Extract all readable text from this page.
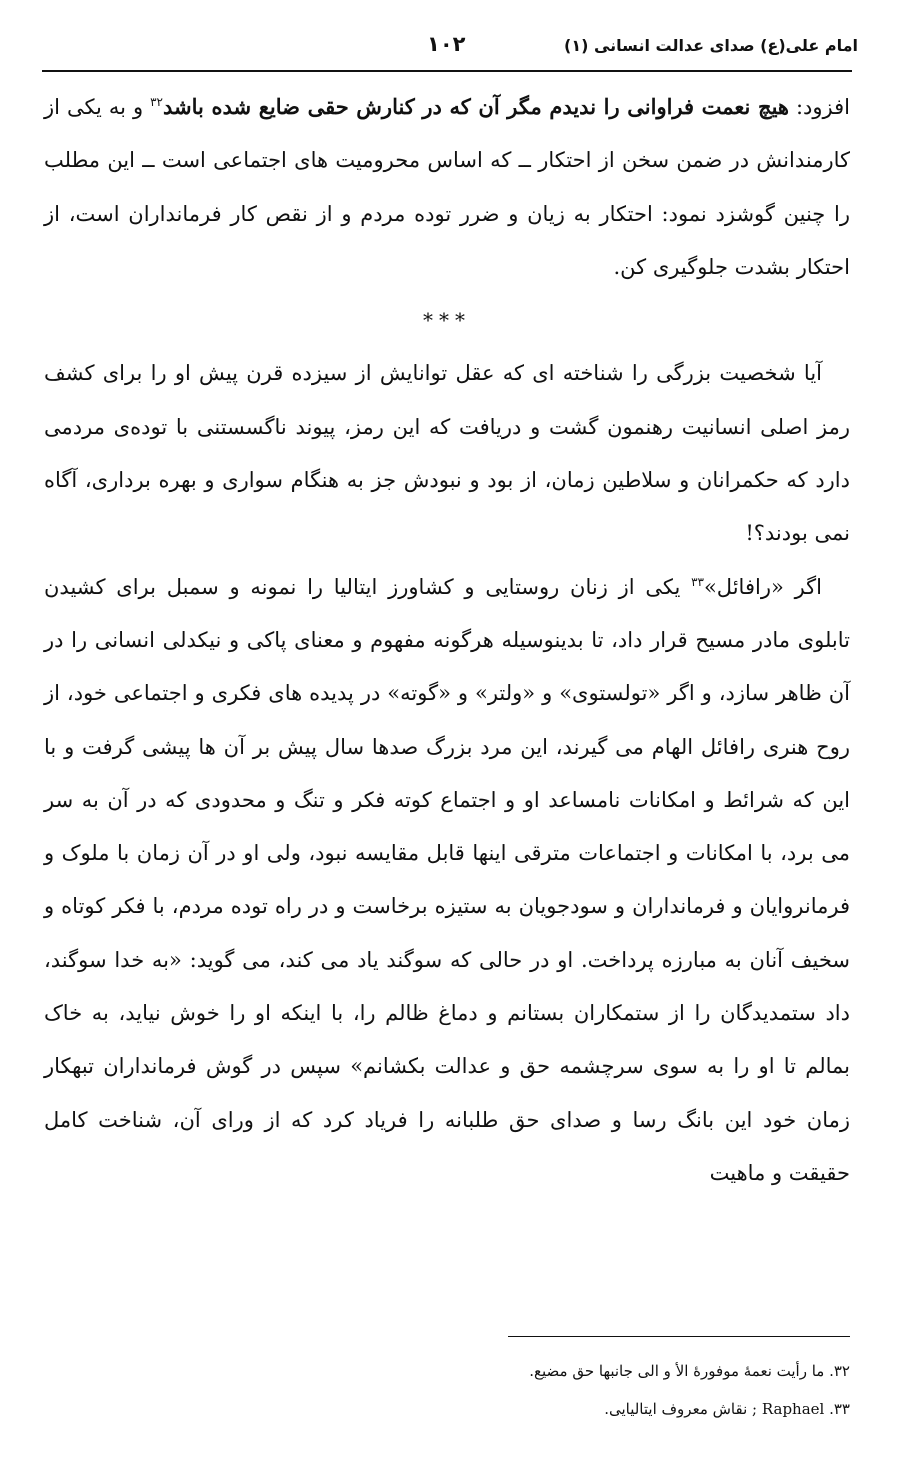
امام علی(ع) صدای عدالت انسانی (۱)
۱۰۲

افزود: هیچ نعمت فراوانی را ندیدم مگر آن که در کنارش حقی ضایع شده باشد$^{۳۲}$ و به یکی از کارمندانش در ضمن سخن از احتکار ــ که اساس محرومیت های اجتماعی است ــ این مطلب را چنین گوشزد نمود: احتکار به زیان و ضرر توده مردم و از نقص کار فرمانداران است، از احتکار بشدت جلوگیری کن.

***

آیا شخصیت بزرگی را شناخته ای که عقل توانایش از سیزده قرن پیش او را برای کشف رمز اصلی انسانیت رهنمون گشت و دریافت که این رمز، پیوند ناگسستنی با توده‌ی مردمی دارد که حکمرانان و سلاطین زمان، از بود و نبودش جز به هنگام سواری و بهره برداری، آگاه نمی بودند؟!

اگر «رافائل»$^{۳۳}$ یکی از زنان روستایی و کشاورز ایتالیا را نمونه و سمبل برای کشیدن تابلوی مادر مسیح قرار داد، تا بدینوسیله هرگونه مفهوم و معنای پاکی و نیکدلی انسانی را در آن ظاهر سازد، و اگر «تولستوی» و «ولتر» و «گوته» در پدیده های فکری و اجتماعی خود، از روح هنری رافائل الهام می گیرند، این مرد بزرگ صدها سال پیش بر آن ها پیشی گرفت و با این که شرائط و امکانات نامساعد او و اجتماع کوته فکر و تنگ و محدودی که در آن به سر می برد، با امکانات و اجتماعات مترقی اینها قابل مقایسه نبود، ولی او در آن زمان با ملوک و فرمانروایان و فرمانداران و سودجویان به ستیزه برخاست و در راه توده مردم، با فکر کوتاه و سخیف آنان به مبارزه پرداخت. او در حالی که سوگند یاد می کند، می گوید: «به خدا سوگند، داد ستمدیدگان را از ستمکاران بستانم و دماغ ظالم را، با اینکه او را خوش نیاید، به خاک بمالم تا او را به سوی سرچشمه حق و عدالت بکشانم» سپس در گوش فرمانداران تبهکار زمان خود این بانگ رسا و صدای حق طلبانه را فریاد کرد که از ورای آن، شناخت کامل حقیقت و ماهیت

۳۲. ما رأیت نعمهٔ موفورهٔ الأ و الی جانبها حق مضیع.

۳۳. Raphael ; نقاش معروف ایتالیایی.
